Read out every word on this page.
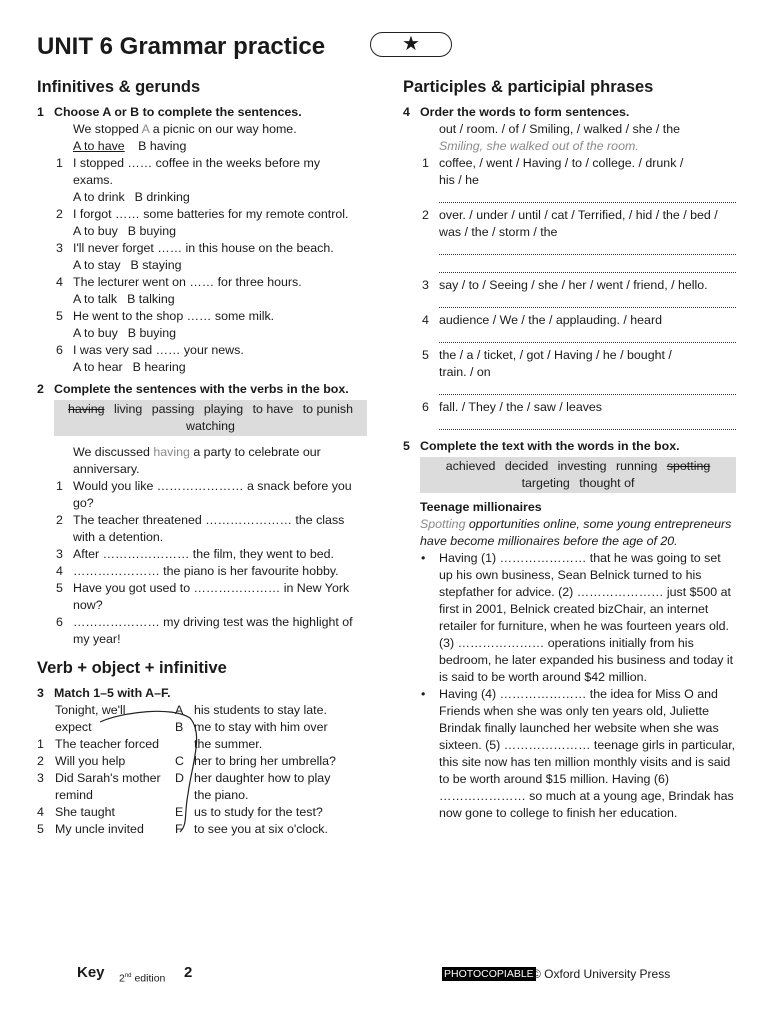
UNIT 6 Grammar practice	★
Infinitives & gerunds
1 Choose A or B to complete the sentences.
We stopped A a picnic on our way home.
A to have B having
1 I stopped …… coffee in the weeks before my
exams.
A to drink B drinking
2 I forgot …… some batteries for my remote control.
A to buy B buying
3 I'll never forget …… in this house on the beach.
A to stay B staying
4 The lecturer went on …… for three hours.
A to talk B talking
5 He went to the shop …… some milk.
A to buy B buying
6 I was very sad …… your news.
A to hear B hearing
2 Complete the sentences with the verbs in the box.
having living passing playing to have to punish
watching
We discussed having a party to celebrate our
anniversary.
1 Would you like ………………… a snack before you
go?
2 The teacher threatened ………………… the class
with a detention.
3 After ………………… the film, they went to bed.
4 ………………… the piano is her favourite hobby.
5 Have you got used to ………………… in New York
now?
6 ………………… my driving test was the highlight of
my year!
Verb + object + infinitive
3 Match 1–5 with A–F.
Tonight, we'll	A his students to stay late.
expect	B me to stay with him over
1 The teacher forced	the summer.
2 Will you help	C her to bring her umbrella?
3 Did Sarah's mother	D her daughter how to play
remind	the piano.
4 She taught	E us to study for the test?
5 My uncle invited	F to see you at six o'clock.
Participles & participial phrases
4 Order the words to form sentences.
out / room. / of / Smiling, / walked / she / the
Smiling, she walked out of the room.
1 coffee, / went / Having / to / college. / drunk /
his / he
2 over. / under / until / cat / Terrified, / hid / the / bed /
was / the / storm / the
3 say / to / Seeing / she / her / went / friend, / hello.
4 audience / We / the / applauding. / heard
5 the / a / ticket, / got / Having / he / bought /
train. / on
6 fall. / They / the / saw / leaves
5 Complete the text with the words in the box.
achieved decided investing running spotting
targeting thought of
Teenage millionaires
Spotting opportunities online, some young entrepreneurs have become millionaires before the age of 20.
• Having (1) ………………… that he was going to set up his own business, Sean Belnick turned to his stepfather for advice. (2) ………………… just $500 at first in 2001, Belnick created bizChair, an internet retailer for furniture, when he was fourteen years old. (3) ………………… operations initially from his bedroom, he later expanded his business and today it is said to be worth around $42 million.
• Having (4) ………………… the idea for Miss O and Friends when she was only ten years old, Juliette Brindak finally launched her website when she was sixteen. (5) ………………… teenage girls in particular, this site now has ten million monthly visits and is said to be worth around $15 million. Having (6) ………………… so much at a young age, Brindak has now gone to college to finish her education.
Key 2nd edition 2	PHOTOCOPIABLE
© Oxford University Press
